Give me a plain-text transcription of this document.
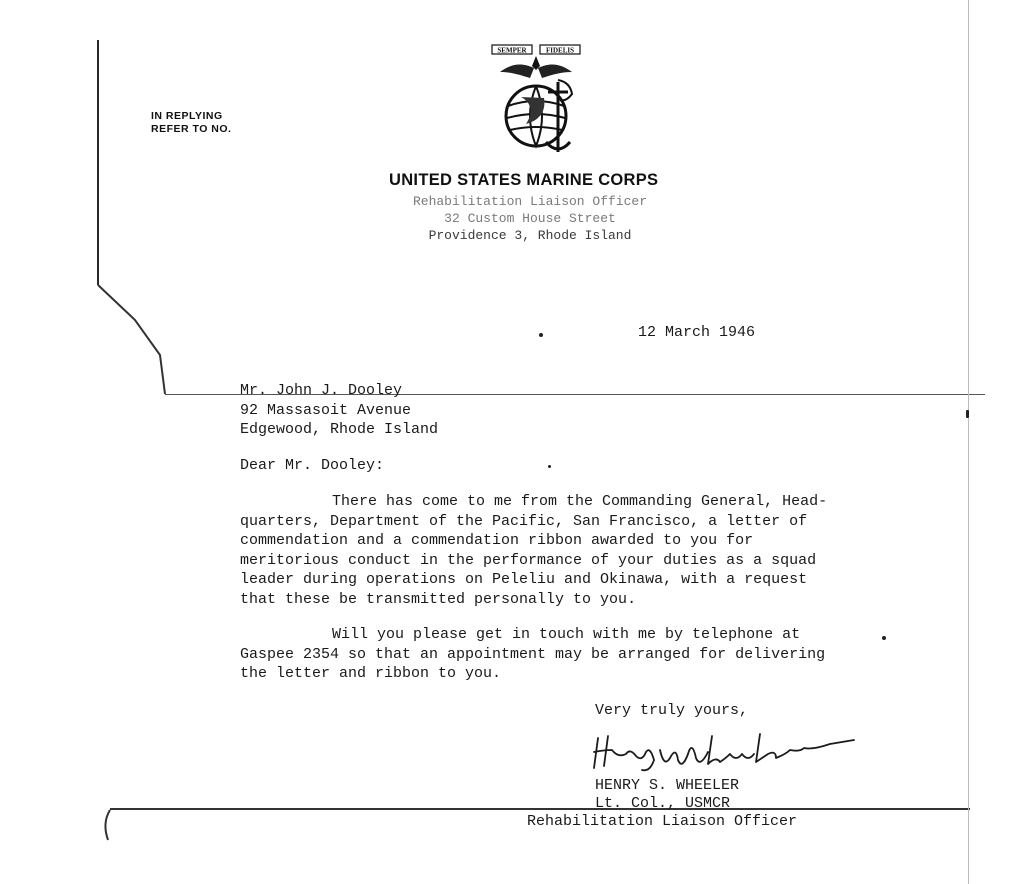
IN REPLYING
REFER TO NO.
SEMPER	FIDELIS
UNITED STATES MARINE CORPS
Rehabilitation Liaison Officer
32 Custom House Street
Providence 3, Rhode Island
12 March 1946
Mr. John J. Dooley
92 Massasoit Avenue
Edgewood, Rhode Island
Dear Mr. Dooley:
There has come to me from the Commanding General, Head-
quarters, Department of the Pacific, San Francisco, a letter of
commendation and a commendation ribbon awarded to you for
meritorious conduct in the performance of your duties as a squad
leader during operations on Peleliu and Okinawa, with a request
that these be transmitted personally to you.
Will you please get in touch with me by telephone at
Gaspee 2354 so that an appointment may be arranged for delivering
the letter and ribbon to you.
Very truly yours,
HENRY S. WHEELER
Lt. Col., USMCR
Rehabilitation Liaison Officer
